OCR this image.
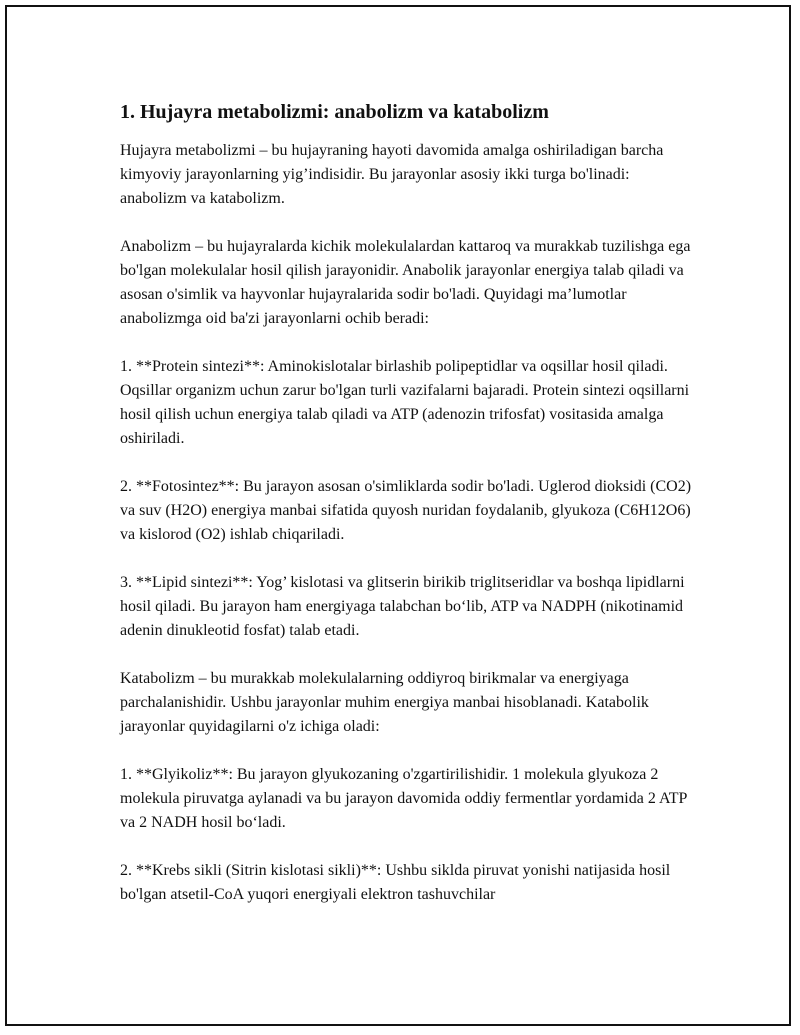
1. Hujayra metabolizmi: anabolizm va katabolizm

Hujayra metabolizmi – bu hujayraning hayoti davomida amalga oshiriladigan barcha kimyoviy jarayonlarning yig’indisidir. Bu jarayonlar asosiy ikki turga bo'linadi: anabolizm va katabolizm.

Anabolizm – bu hujayralarda kichik molekulalardan kattaroq va murakkab tuzilishga ega bo'lgan molekulalar hosil qilish jarayonidir. Anabolik jarayonlar energiya talab qiladi va asosan o'simlik va hayvonlar hujayralarida sodir bo'ladi. Quyidagi ma’lumotlar anabolizmga oid ba'zi jarayonlarni ochib beradi:

1. **Protein sintezi**: Aminokislotalar birlashib polipeptidlar va oqsillar hosil qiladi. Oqsillar organizm uchun zarur bo'lgan turli vazifalarni bajaradi. Protein sintezi oqsillarni hosil qilish uchun energiya talab qiladi va ATP (adenozin trifosfat) vositasida amalga oshiriladi.

2. **Fotosintez**: Bu jarayon asosan o'simliklarda sodir bo'ladi. Uglerod dioksidi (CO2) va suv (H2O) energiya manbai sifatida quyosh nuridan foydalanib, glyukoza (C6H12O6) va kislorod (O2) ishlab chiqariladi.

3. **Lipid sintezi**: Yog’ kislotasi va glitserin birikib triglitseridlar va boshqa lipidlarni hosil qiladi. Bu jarayon ham energiyaga talabchan bo‘lib, ATP va NADPH (nikotinamid adenin dinukleotid fosfat) talab etadi.

Katabolizm – bu murakkab molekulalarning oddiyroq birikmalar va energiyaga parchalanishidir. Ushbu jarayonlar muhim energiya manbai hisoblanadi. Katabolik jarayonlar quyidagilarni o'z ichiga oladi:

1. **Glyikoliz**: Bu jarayon glyukozaning o'zgartirilishidir. 1 molekula glyukoza 2 molekula piruvatga aylanadi va bu jarayon davomida oddiy fermentlar yordamida 2 ATP va 2 NADH hosil bo‘ladi.

2. **Krebs sikli (Sitrin kislotasi sikli)**: Ushbu siklda piruvat yonishi natijasida hosil bo'lgan atsetil-CoA yuqori energiyali elektron tashuvchilar
